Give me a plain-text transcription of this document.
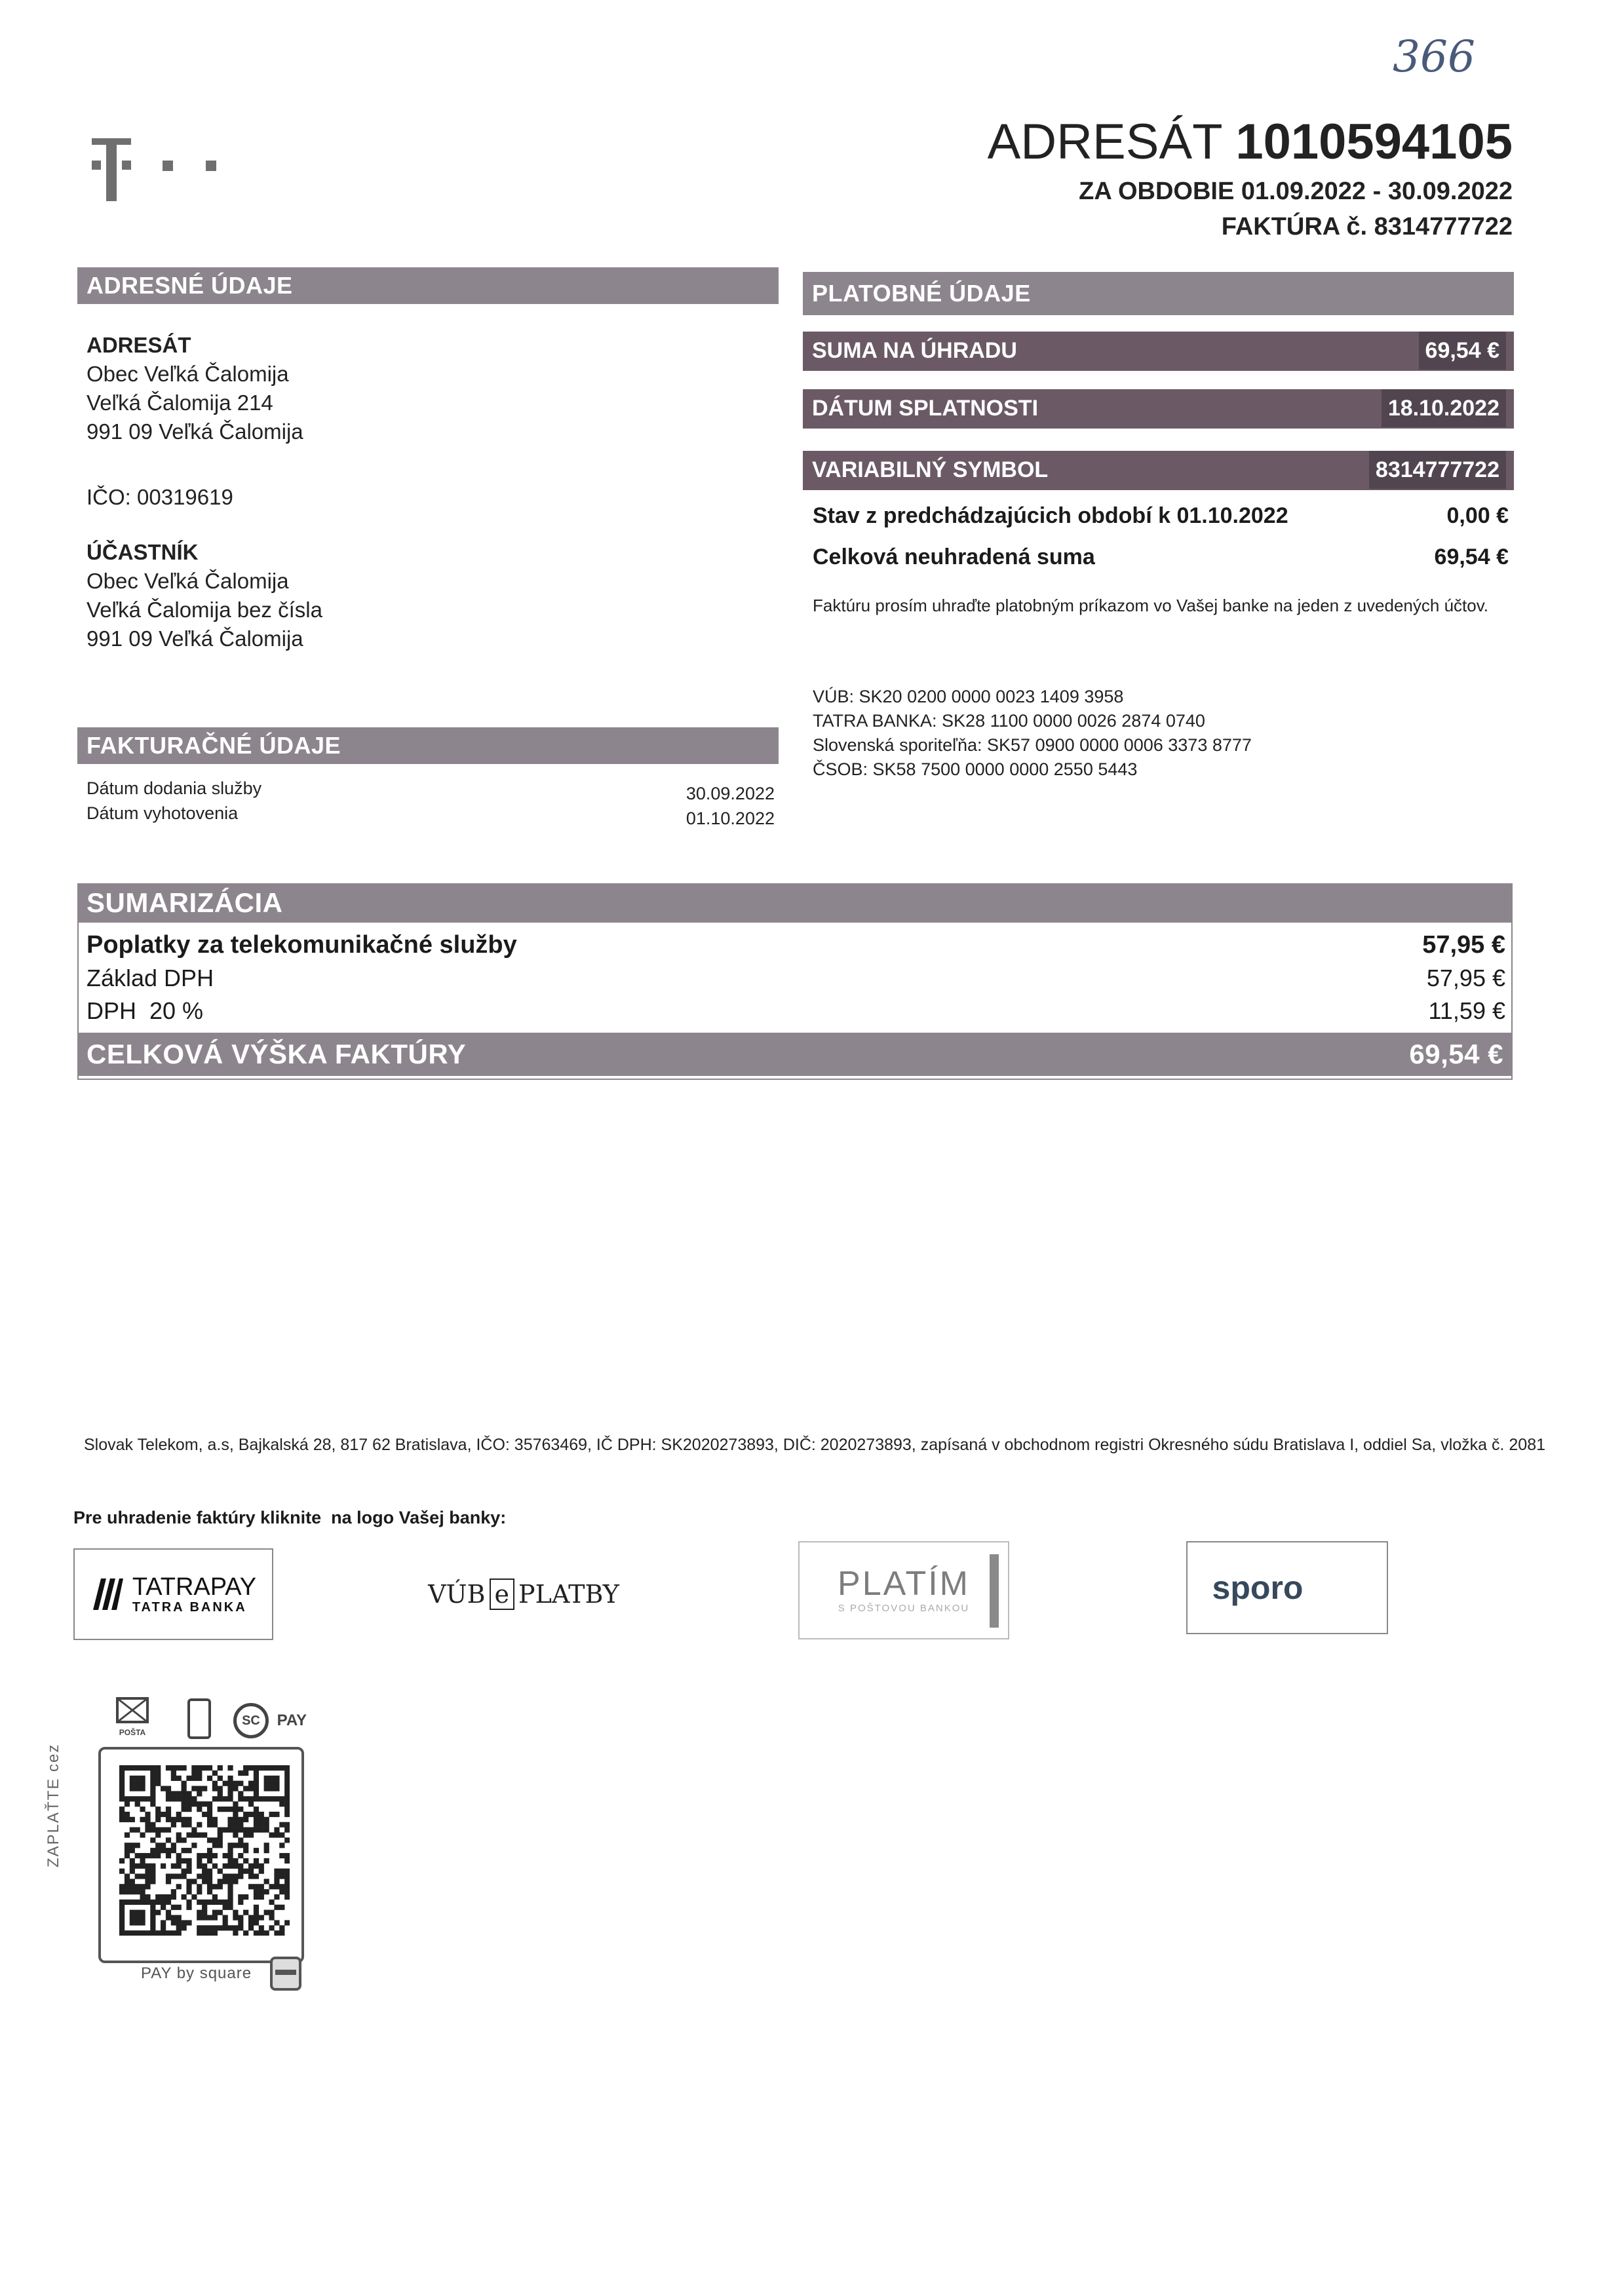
366
ADRESÁT 1010594105
ZA OBDOBIE 01.09.2022 - 30.09.2022
FAKTÚRA č. 8314777722
ADRESNÉ ÚDAJE
ADRESÁT
Obec Veľká Čalomija
Veľká Čalomija 214
991 09 Veľká Čalomija
IČO: 00319619
ÚČASTNÍK
Obec Veľká Čalomija
Veľká Čalomija bez čísla
991 09 Veľká Čalomija
FAKTURAČNÉ ÚDAJE
Dátum dodania služby	30.09.2022
Dátum vyhotovenia	01.10.2022
PLATOBNÉ ÚDAJE
SUMA NA ÚHRADU	69,54 €
DÁTUM SPLATNOSTI	18.10.2022
VARIABILNÝ SYMBOL	8314777722
Stav z predchádzajúcich období k 01.10.2022	0,00 €
Celková neuhradená suma	69,54 €
Faktúru prosím uhraďte platobným príkazom vo Vašej banke na jeden z uvedených účtov.
VÚB: SK20 0200 0000 0023 1409 3958
TATRA BANKA: SK28 1100 0000 0026 2874 0740
Slovenská sporiteľňa: SK57 0900 0000 0006 3373 8777
ČSOB: SK58 7500 0000 0000 2550 5443
SUMARIZÁCIA
Poplatky za telekomunikačné služby	57,95 €
Základ DPH	57,95 €
DPH  20 %	11,59 €
CELKOVÁ VÝŠKA FAKTÚRY	69,54 €
Slovak Telekom, a.s, Bajkalská 28, 817 62 Bratislava, IČO: 35763469, IČ DPH: SK2020273893, DIČ: 2020273893, zapísaná v obchodnom registri Okresného súdu Bratislava I, oddiel Sa, vložka č. 2081
Pre uhradenie faktúry kliknite  na logo Vašej banky:
TATRAPAY
TATRA BANKA	VÚB e PLATBY	PLATÍM
S POŠTOVOU BANKOU
sporo
POŠTA
SC PAY
ZAPLAŤTE cez
PAY by square
